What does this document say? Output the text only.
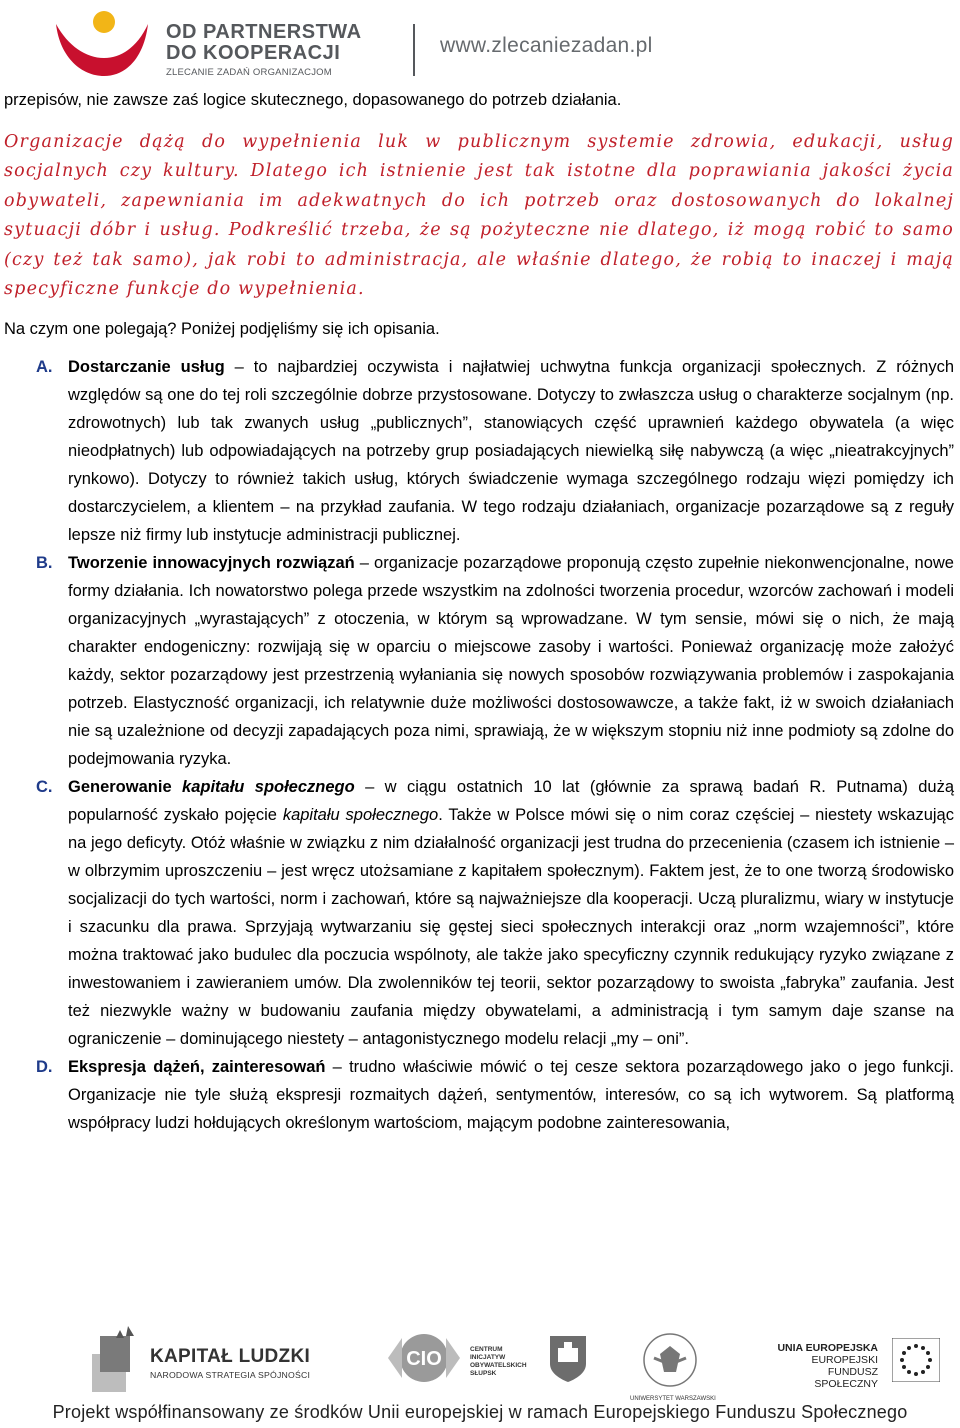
OD PARTNERSTWA
DO KOOPERACJI
ZLECANIE ZADAŃ ORGANIZACJOM
www.zlecaniezadan.pl

przepisów, nie zawsze zaś logice skutecznego, dopasowanego do potrzeb działania.

Organizacje dążą do wypełnienia luk w publicznym systemie zdrowia, edukacji, usług socjalnych czy kultury. Dlatego ich istnienie jest tak istotne dla poprawiania jakości życia obywateli, zapewniania im adekwatnych do ich potrzeb oraz dostosowanych do lokalnej sytuacji dóbr i usług. Podkreślić trzeba, że są pożyteczne nie dlatego, iż mogą robić to samo (czy też tak samo), jak robi to administracja, ale właśnie dlatego, że robią to inaczej i mają specyficzne funkcje do wypełnienia.

Na czym one polegają? Poniżej podjęliśmy się ich opisania.

A. Dostarczanie usług – to najbardziej oczywista i najłatwiej uchwytna funkcja organizacji społecznych. Z różnych względów są one do tej roli szczególnie dobrze przystosowane. Dotyczy to zwłaszcza usług o charakterze socjalnym (np. zdrowotnych) lub tak zwanych usług „publicznych”, stanowiących część uprawnień każdego obywatela (a więc nieodpłatnych) lub odpowiadających na potrzeby grup posiadających niewielką siłę nabywczą (a więc „nieatrakcyjnych” rynkowo). Dotyczy to również takich usług, których świadczenie wymaga szczególnego rodzaju więzi pomiędzy ich dostarczycielem, a klientem – na przykład zaufania. W tego rodzaju działaniach, organizacje pozarządowe są z reguły lepsze niż firmy lub instytucje administracji publicznej.
B. Tworzenie innowacyjnych rozwiązań – organizacje pozarządowe proponują często zupełnie niekonwencjonalne, nowe formy działania. Ich nowatorstwo polega przede wszystkim na zdolności tworzenia procedur, wzorców zachowań i modeli organizacyjnych „wyrastających” z otoczenia, w którym są wprowadzane. W tym sensie, mówi się o nich, że mają charakter endogeniczny: rozwijają się w oparciu o miejscowe zasoby i wartości. Ponieważ organizację może założyć każdy, sektor pozarządowy jest przestrzenią wyłaniania się nowych sposobów rozwiązywania problemów i zaspokajania potrzeb. Elastyczność organizacji, ich relatywnie duże możliwości dostosowawcze, a także fakt, iż w swoich działaniach nie są uzależnione od decyzji zapadających poza nimi, sprawiają, że w większym stopniu niż inne podmioty są zdolne do podejmowania ryzyka.
C. Generowanie kapitału społecznego – w ciągu ostatnich 10 lat (głównie za sprawą badań R. Putnama) dużą popularność zyskało pojęcie kapitału społecznego. Także w Polsce mówi się o nim coraz częściej – niestety wskazując na jego deficyty. Otóż właśnie w związku z nim działalność organizacji jest trudna do przecenienia (czasem ich istnienie – w olbrzymim uproszczeniu – jest wręcz utożsamiane z kapitałem społecznym). Faktem jest, że to one tworzą środowisko socjalizacji do tych wartości, norm i zachowań, które są najważniejsze dla kooperacji. Uczą pluralizmu, wiary w instytucje i szacunku dla prawa. Sprzyjają wytwarzaniu się gęstej sieci społecznych interakcji oraz „norm wzajemności”, które można traktować jako budulec dla poczucia wspólnoty, ale także jako specyficzny czynnik redukujący ryzyko związane z inwestowaniem i zawieraniem umów. Dla zwolenników tej teorii, sektor pozarządowy to swoista „fabryka” zaufania. Jest też niezwykle ważny w budowaniu zaufania między obywatelami, a administracją i tym samym daje szanse na ograniczenie – dominującego niestety – antagonistycznego modelu relacji „my – oni”.
D. Ekspresja dążeń, zainteresowań – trudno właściwie mówić o tej cesze sektora pozarządowego jako o jego funkcji. Organizacje nie tyle służą ekspresji rozmaitych dążeń, sentymentów, interesów, co są ich wytworem. Są platformą współpracy ludzi hołdujących określonym wartościom, mającym podobne zainteresowania,
KAPITAŁ LUDZKI
NARODOWA STRATEGIA SPÓJNOŚCI
CIO	CENTRUM INICJATYW OBYWATELSKICH SŁUPSK
UNIWERSYTET WARSZAWSKI
UNIA EUROPEJSKA
EUROPEJSKI
FUNDUSZ SPOŁECZNY
Projekt współfinansowany ze środków Unii europejskiej w ramach Europejskiego Funduszu Społecznego
